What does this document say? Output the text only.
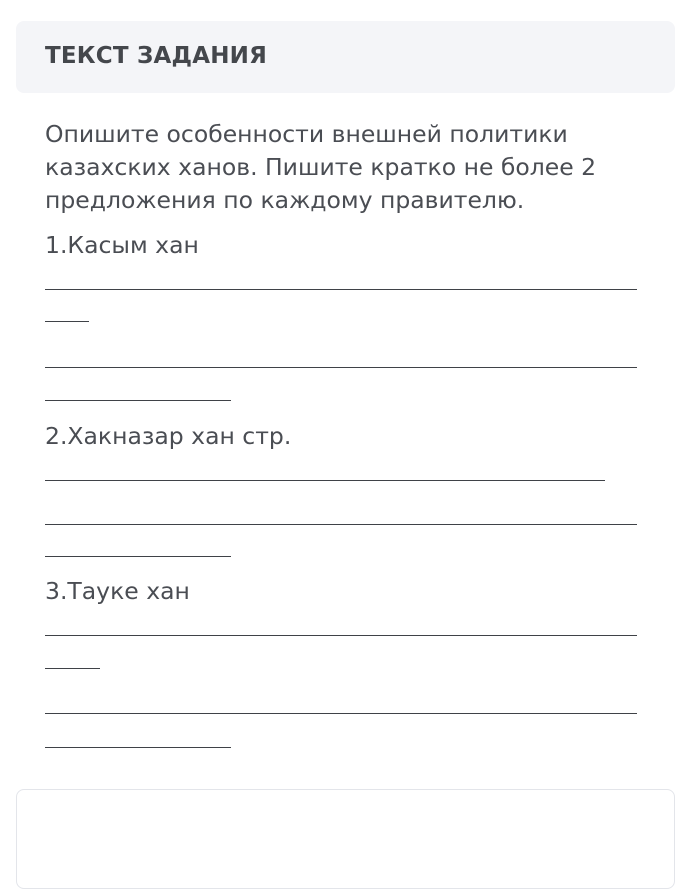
ТЕКСТ ЗАДАНИЯ
Опишите особенности внешней политики
казахских ханов. Пишите кратко не более 2
предложения по каждому правителю.
1.Касым хан
2.Хакназар хан стр.
3.Тауке хан
